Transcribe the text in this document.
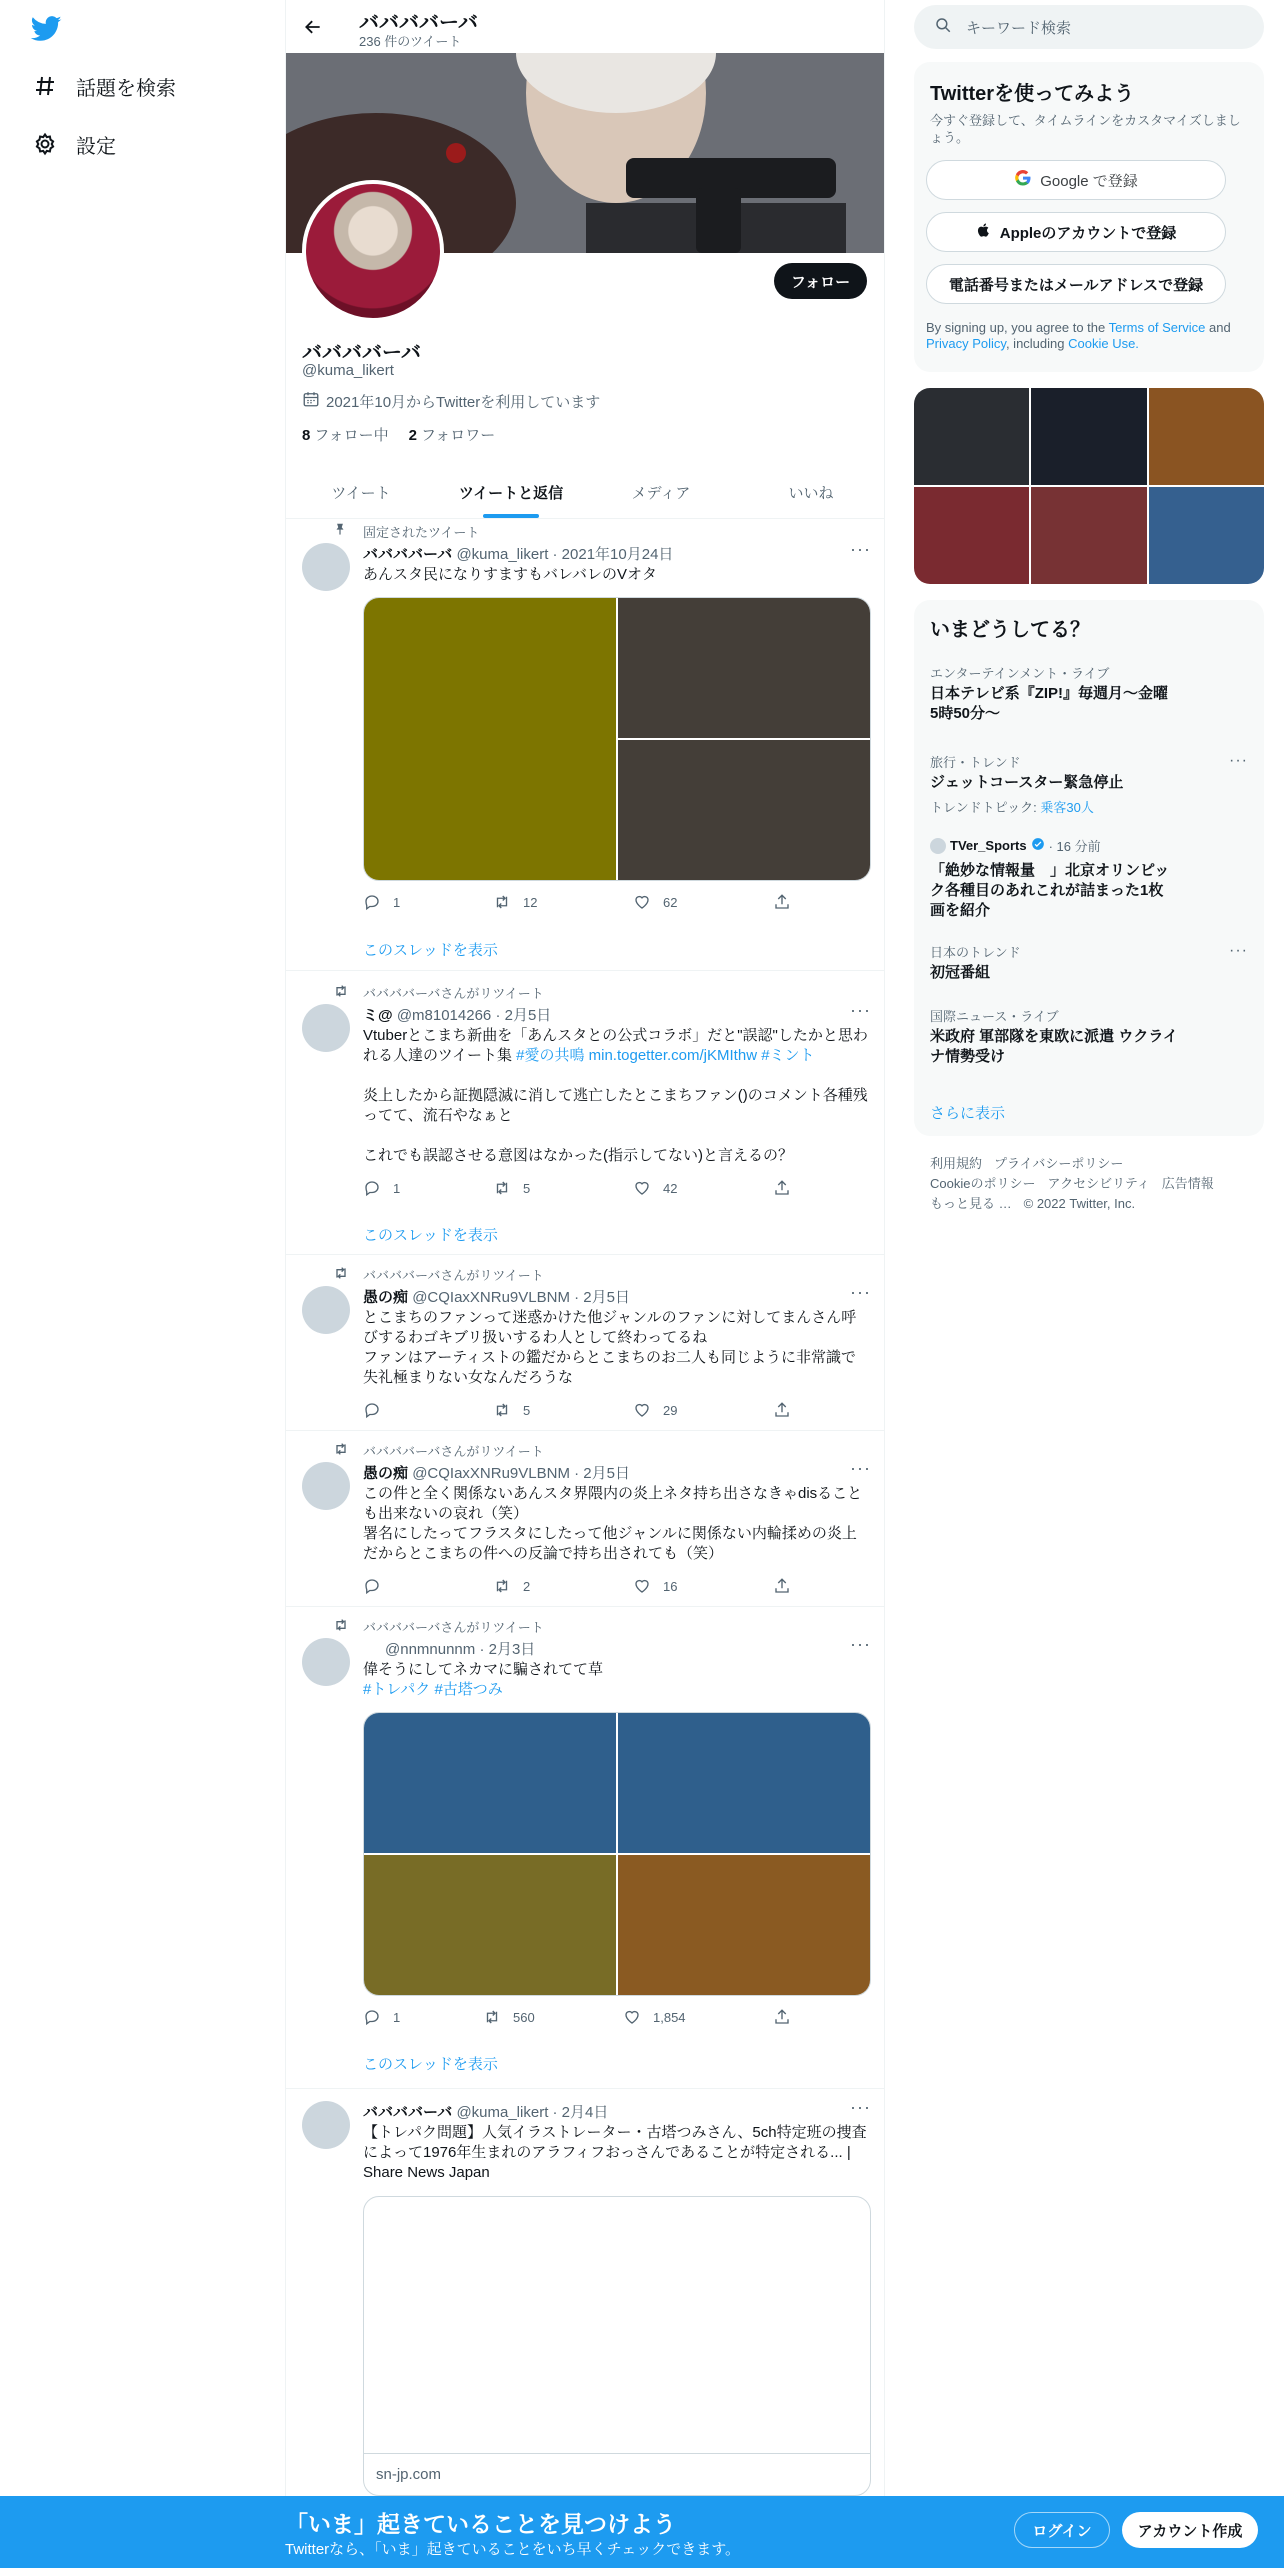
話題を検索
設定
ババババーバ
236 件のツイート
フォロー
ババババーバ
@kuma_likert
2021年10月からTwitterを利用しています
8 フォロー中 2 フォロワー
ツイート	ツイートと返信	メディア	いいね
固定されたツイート
ババババーバ @kuma_likert · 2021年10月24日	···
あんスタ民になりすますもバレバレのVオタ
1	12	62
このスレッドを表示
ババババーバさんがリツイート
ミ@ @m81014266 · 2月5日	···
Vtuberとこまち新曲を「あんスタとの公式コラボ」だと"誤認"したかと思われる人達のツイート集 #愛の共鳴 min.togetter.com/jKMIthw #ミント

炎上したから証拠隠滅に消して逃亡したとこまちファン()のコメント各種残ってて、流石やなぁと

これでも誤認させる意図はなかった(指示してない)と言えるの？
1	5	42
このスレッドを表示
ババババーバさんがリツイート
愚の痴 @CQIaxXNRu9VLBNM · 2月5日	···
とこまちのファンって迷惑かけた他ジャンルのファンに対してまんさん呼びするわゴキブリ扱いするわ人として終わってるね
ファンはアーティストの鑑だからとこまちのお二人も同じように非常識で失礼極まりない女なんだろうな
5	29
ババババーバさんがリツイート
愚の痴 @CQIaxXNRu9VLBNM · 2月5日	···
この件と全く関係ないあんスタ界隈内の炎上ネタ持ち出さなきゃdisることも出来ないの哀れ（笑）
署名にしたってフラスタにしたって他ジャンルに関係ない内輪揉めの炎上だからとこまちの件への反論で持ち出されても（笑）
2	16
ババババーバさんがリツイート
@nnmnunnm · 2月3日	···
偉そうにしてネカマに騙されてて草
#トレパク #古塔つみ
1	560	1,854
このスレッドを表示
ババババーバ @kuma_likert · 2月4日	···
【トレパク問題】人気イラストレーター・古塔つみさん、5ch特定班の捜査によって1976年生まれのアラフィフおっさんであることが特定される... | Share News Japan
sn-jp.com
キーワード検索
Twitterを使ってみよう
今すぐ登録して、タイムラインをカスタマイズしましょう。
Google で登録
Appleのアカウントで登録
電話番号またはメールアドレスで登録
By signing up, you agree to the Terms of Service and Privacy Policy, including Cookie Use.
いまどうしてる？
エンターテインメント・ライブ
日本テレビ系『ZIP!』毎週月〜金曜 5時50分〜
旅行・トレンド	···
ジェットコースター緊急停止
トレンドトピック: 乗客30人
TVer_Sports · 16 分前
「絶妙な情報量　」北京オリンピック各種目のあれこれが詰まった1枚画を紹介
日本のトレンド	···
初冠番組
国際ニュース・ライブ
米政府 軍部隊を東欧に派遣 ウクライナ情勢受け
さらに表示
利用規約 プライバシーポリシー
Cookieのポリシー アクセシビリティ 広告情報
もっと見る … © 2022 Twitter, Inc.
「いま」起きていることを見つけよう
Twitterなら、「いま」起きていることをいち早くチェックできます。
ログイン	アカウント作成
